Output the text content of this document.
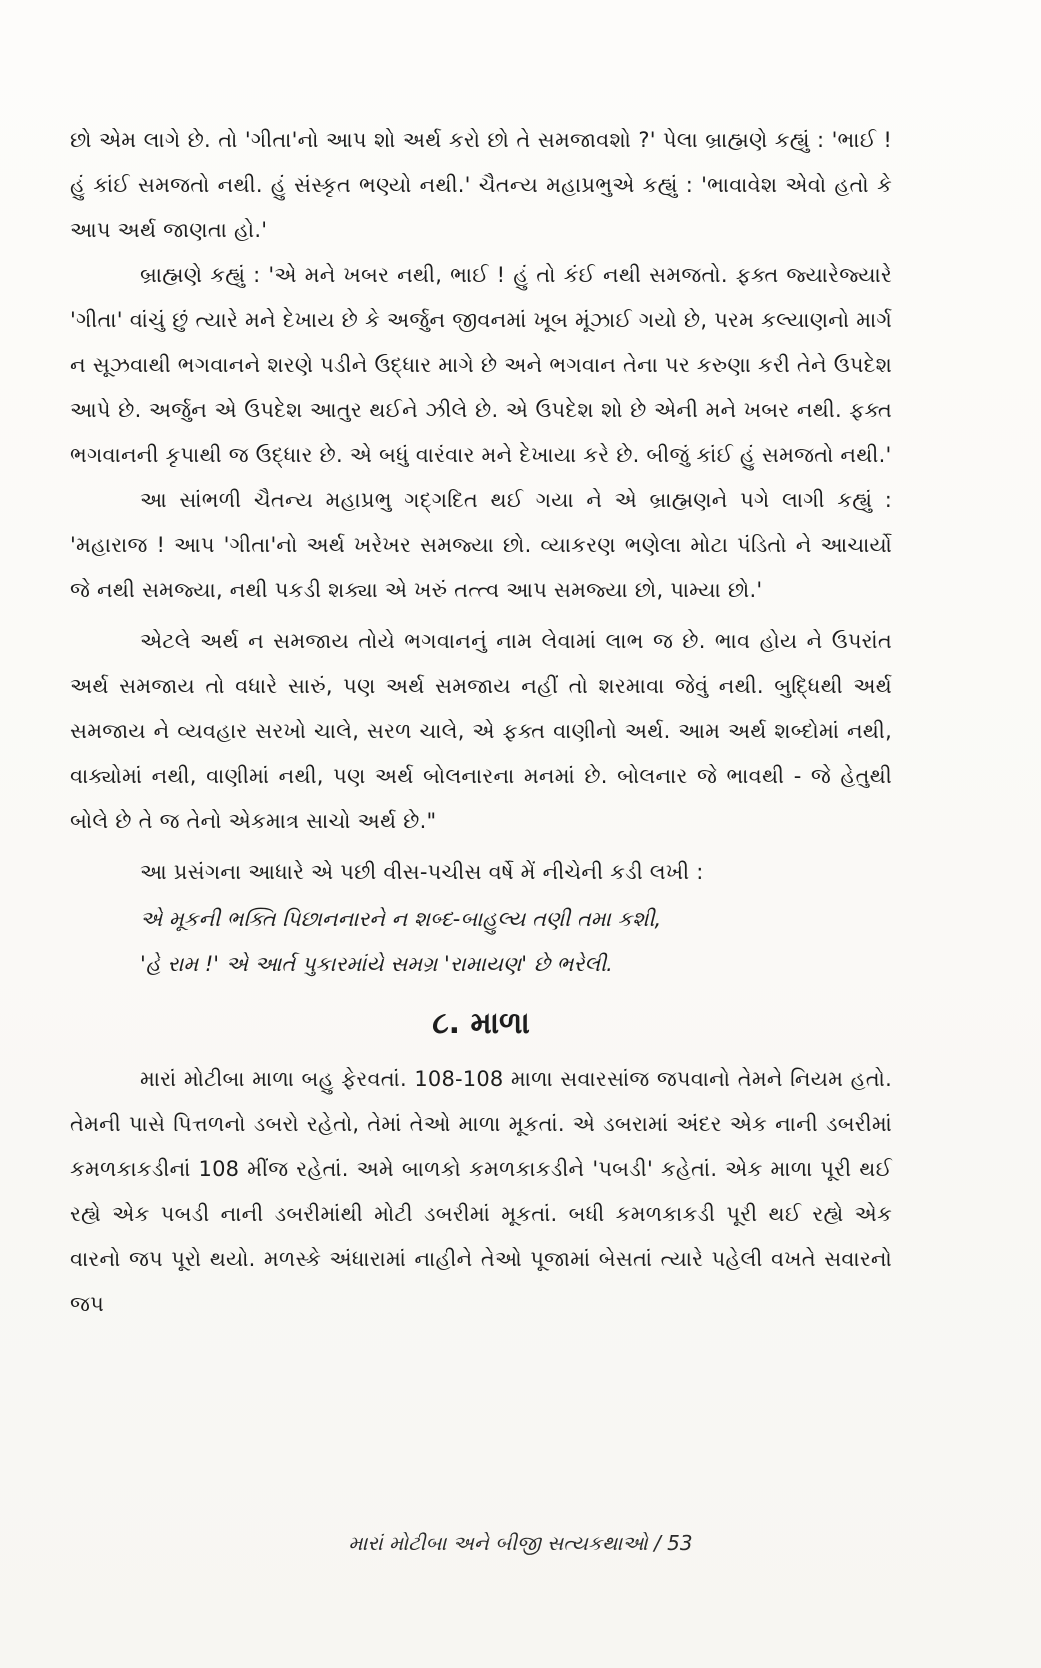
છો એમ લાગે છે. તો 'ગીતા'નો આપ શો અર્થ કરો છો તે સમજાવશો ?' પેલા બ્રાહ્મણે કહ્યું : 'ભાઈ ! હું કાંઈ સમજતો નથી. હું સંસ્કૃત ભણ્યો નથી.' ચૈતન્ય મહાપ્રભુએ કહ્યું : 'ભાવાવેશ એવો હતો કે આપ અર્થ જાણતા હો.'

બ્રાહ્મણે કહ્યું : 'એ મને ખબર નથી, ભાઈ ! હું તો કંઈ નથી સમજતો. ફક્ત જ્યારેજ્યારે 'ગીતા' વાંચું છું ત્યારે મને દેખાય છે કે અર્જુન જીવનમાં ખૂબ મૂંઝાઈ ગયો છે, પરમ કલ્યાણનો માર્ગ ન સૂઝવાથી ભગવાનને શરણે પડીને ઉદ્ધાર માગે છે અને ભગવાન તેના પર કરુણા કરી તેને ઉપદેશ આપે છે. અર્જુન એ ઉપદેશ આતુર થઈને ઝીલે છે. એ ઉપદેશ શો છે એની મને ખબર નથી. ફક્ત ભગવાનની કૃપાથી જ ઉદ્ધાર છે. એ બધું વારંવાર મને દેખાયા કરે છે. બીજું કાંઈ હું સમજતો નથી.'

આ સાંભળી ચૈતન્ય મહાપ્રભુ ગદ્ગદિત થઈ ગયા ને એ બ્રાહ્મણને પગે લાગી કહ્યું : 'મહારાજ ! આપ 'ગીતા'નો અર્થ ખરેખર સમજ્યા છો. વ્યાકરણ ભણેલા મોટા પંડિતો ને આચાર્યો જે નથી સમજ્યા, નથી પકડી શક્યા એ ખરું તત્ત્વ આપ સમજ્યા છો, પામ્યા છો.'

એટલે અર્થ ન સમજાય તોયે ભગવાનનું નામ લેવામાં લાભ જ છે. ભાવ હોય ને ઉપરાંત અર્થ સમજાય તો વધારે સારું, પણ અર્થ સમજાય નહીં તો શરમાવા જેવું નથી. બુદ્ધિથી અર્થ સમજાય ને વ્યવહાર સરખો ચાલે, સરળ ચાલે, એ ફક્ત વાણીનો અર્થ. આમ અર્થ શબ્દોમાં નથી, વાક્યોમાં નથી, વાણીમાં નથી, પણ અર્થ બોલનારના મનમાં છે. બોલનાર જે ભાવથી - જે હેતુથી બોલે છે તે જ તેનો એકમાત્ર સાચો અર્થ છે."

આ પ્રસંગના આધારે એ પછી વીસ-પચીસ વર્ષે મેં નીચેની કડી લખી :

એ મૂકની ભક્તિ પિછાનનારને ન શબ્દ-બાહુલ્ય તણી તમા કશી,
'હે રામ !' એ આર્ત પુકારમાંયે સમગ્ર 'રામાયણ' છે ભરેલી.
૮. માળા

મારાં મોટીબા માળા બહુ ફેરવતાં. 108-108 માળા સવારસાંજ જપવાનો તેમને નિયમ હતો. તેમની પાસે પિત્તળનો ડબરો રહેતો, તેમાં તેઓ માળા મૂકતાં. એ ડબરામાં અંદર એક નાની ડબરીમાં કમળકાકડીનાં 108 મીંજ રહેતાં. અમે બાળકો કમળકાકડીને 'પબડી' કહેતાં. એક માળા પૂરી થઈ રહ્યે એક પબડી નાની ડબરીમાંથી મોટી ડબરીમાં મૂકતાં. બધી કમળકાકડી પૂરી થઈ રહ્યે એક વારનો જપ પૂરો થયો. મળસ્કે અંધારામાં નાહીને તેઓ પૂજામાં બેસતાં ત્યારે પહેલી વખતે સવારનો જપ

મારાં મોટીબા અને બીજી સત્યકથાઓ / 53
